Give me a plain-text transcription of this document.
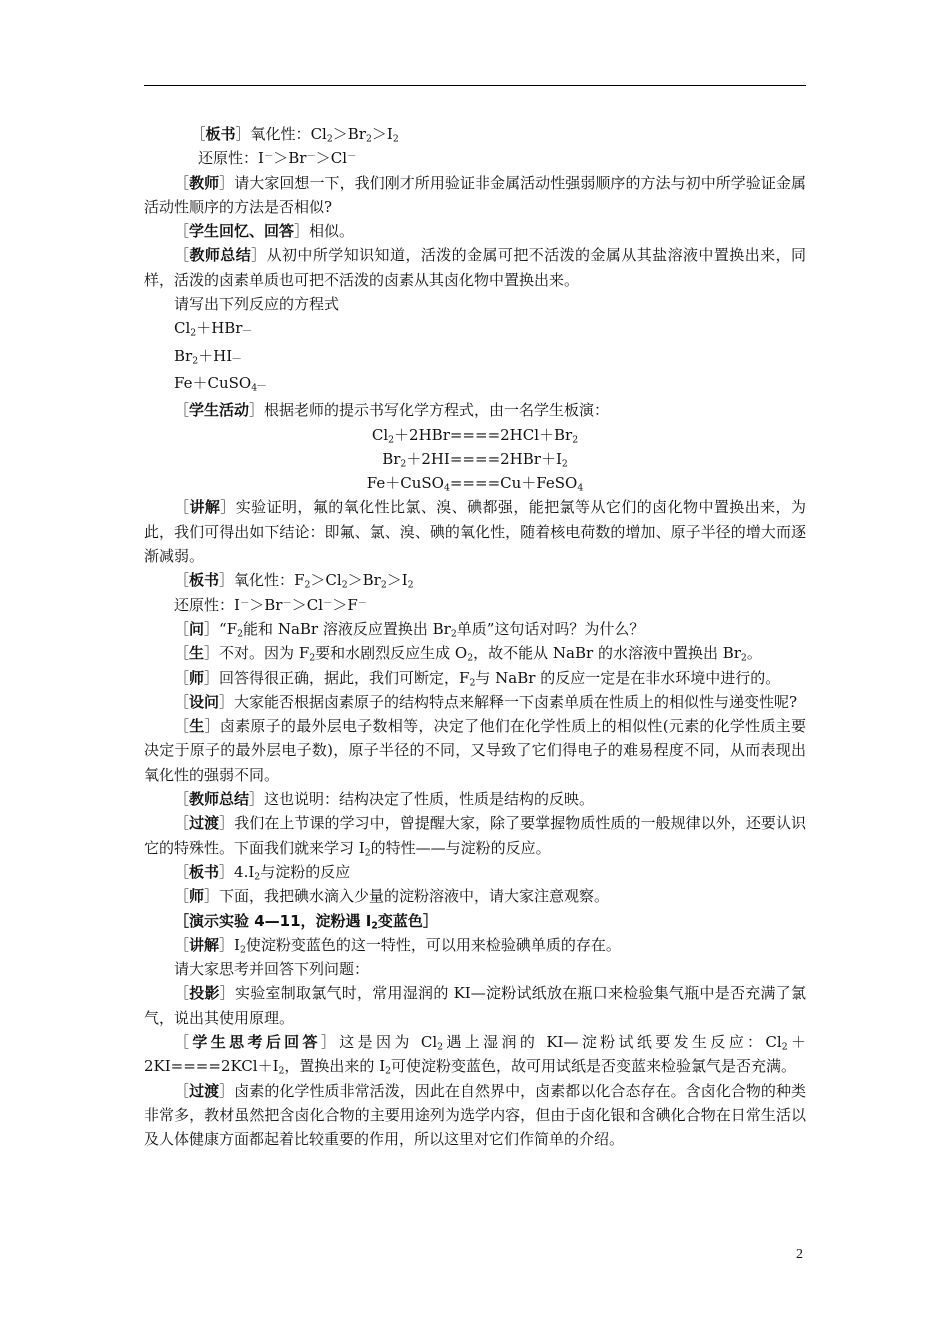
［板书］氧化性：$Cl_2>Br_2>I_2$

还原性：I－＞Br－＞Cl－

［教师］请大家回想一下，我们刚才所用验证非金属活动性强弱顺序的方法与初中所学验证金属活动性顺序的方法是否相似?

［学生回忆、回答］相似。

［教师总结］从初中所学知识知道，活泼的金属可把不活泼的金属从其盐溶液中置换出来，同样，活泼的卤素单质也可把不活泼的卤素从其卤化物中置换出来。

请写出下列反应的方程式

$Cl_2+HBr—$

$Br_2+HI—$

Fe＋CuSO$_4$—

［学生活动］根据老师的提示书写化学方程式，由一名学生板演：

$Cl_2+2HBr====2HCl+Br_2$

$Br_2+2HI====2HBr+I_2$

Fe＋CuSO$_4$====Cu＋FeSO$_4$

［讲解］实验证明，氟的氧化性比氯、溴、碘都强，能把氯等从它们的卤化物中置换出来，为此，我们可得出如下结论：即氟、氯、溴、碘的氧化性，随着核电荷数的增加、原子半径的增大而逐渐减弱。

［板书］氧化性：$F_2>Cl_2>Br_2>I_2$

还原性：I－＞Br－＞Cl－＞F－

［问$]“F_2$能和 NaBr 溶液反应置换出 $Br_2$单质”这句话对吗？为什么？

［生］不对。因为 $F_2$要和水剧烈反应生成 $O_2$，故不能从 NaBr 的水溶液中置换出 $Br_2$。

［师］回答得很正确，据此，我们可断定，$F_2$与 NaBr 的反应一定是在非水环境中进行的。

［设问］大家能否根据卤素原子的结构特点来解释一下卤素单质在性质上的相似性与递变性呢?

［生］卤素原子的最外层电子数相等，决定了他们在化学性质上的相似性(元素的化学性质主要决定于原子的最外层电子数)，原子半径的不同，又导致了它们得电子的难易程度不同，从而表现出氧化性的强弱不同。

［教师总结］这也说明：结构决定了性质，性质是结构的反映。

［过渡］我们在上节课的学习中，曾提醒大家，除了要掌握物质性质的一般规律以外，还要认识它的特殊性。下面我们就来学习 $I_2$的特性——与淀粉的反应。

［板书$]4.I_2$与淀粉的反应

［师］下面，我把碘水滴入少量的淀粉溶液中，请大家注意观察。

［演示实验 4—11，淀粉遇 $I_2$变蓝色］

［讲解$]I_2$使淀粉变蓝色的这一特性，可以用来检验碘单质的存在。

请大家思考并回答下列问题：

［投影］实验室制取氯气时，常用湿润的 KI—淀粉试纸放在瓶口来检验集气瓶中是否充满了氯气，说出其使用原理。

［学生思考后回答］这是因为 $Cl_2$遇上湿润的 KI—淀粉试纸要发生反应：$Cl_2+2KI====2KCl+I_2$，置换出来的 $I_2$可使淀粉变蓝色，故可用试纸是否变蓝来检验氯气是否充满。

［过渡］卤素的化学性质非常活泼，因此在自然界中，卤素都以化合态存在。含卤化合物的种类非常多，教材虽然把含卤化合物的主要用途列为选学内容，但由于卤化银和含碘化合物在日常生活以及人体健康方面都起着比较重要的作用，所以这里对它们作简单的介绍。

2
